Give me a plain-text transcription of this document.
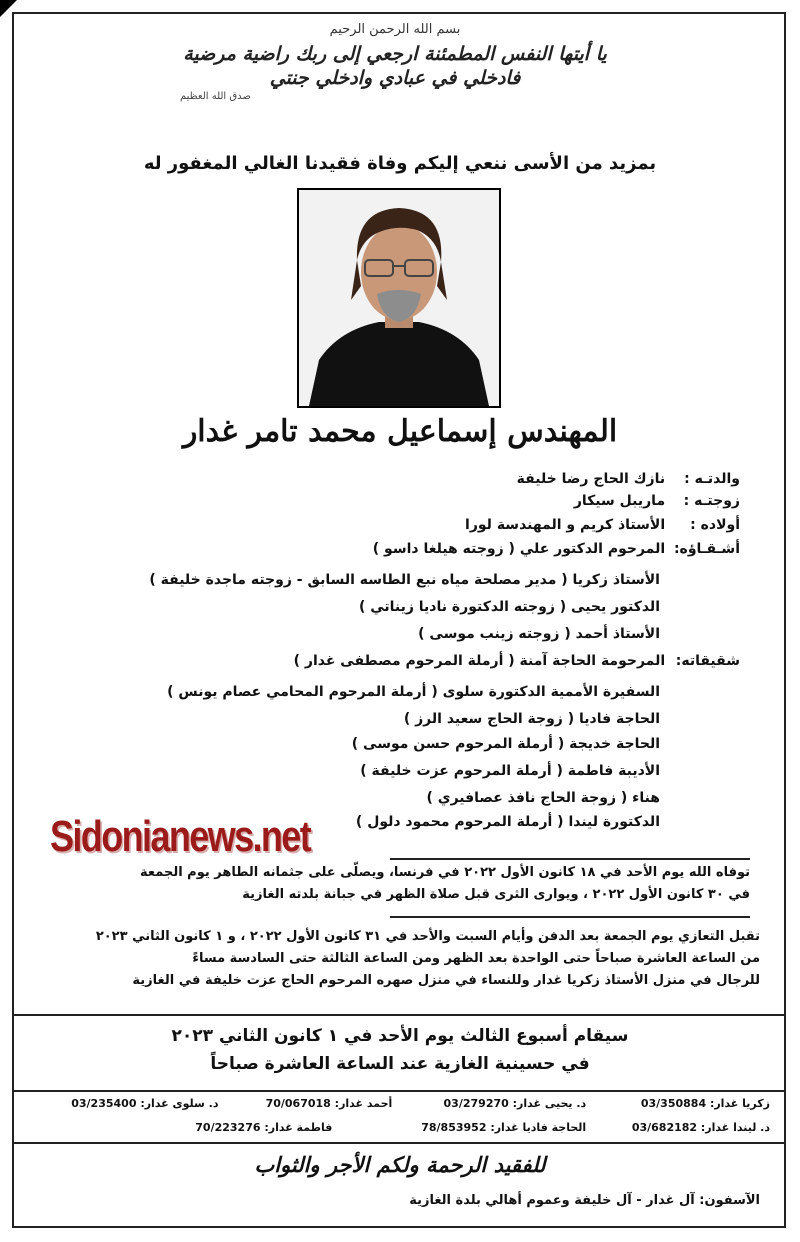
بسم الله الرحمن الرحيم
يا أيتها النفس المطمئنة ارجعي إلى ربك راضية مرضية
فادخلي في عبادي وادخلي جنتي
صدق الله العظيم
بمزيد من الأسى ننعي إليكم وفاة فقيدنا الغالي المغفور له
المهندس إسماعيل محمد تامر غدار
والدتـه : نازك الحاج رضا خليفة
زوجتـه : ماريبل سيكار
أولاده : الأستاذ كريم و المهندسة لورا
أشـقـاؤه: المرحوم الدكتور علي ( زوجته هيلغا داسو )
الأستاذ زكريا ( مدير مصلحة مياه نبع الطاسه السابق - زوجته ماجدة خليفة )
الدكتور يحيى ( زوجته الدكتورة ناديا زيناتي )
الأستاذ أحمد ( زوجته زينب موسى )
شقيقاته: المرحومة الحاجة آمنة ( أرملة المرحوم مصطفى غدار )
السفيرة الأممية الدكتورة سلوى ( أرملة المرحوم المحامي عصام يونس )
الحاجة فاديا ( زوجة الحاج سعيد الرز )
الحاجة خديجة ( أرملة المرحوم حسن موسى )
الأديبة فاطمة ( أرملة المرحوم عزت خليفة )
هناء ( زوجة الحاج نافذ عصافيري )
الدكتورة ليندا ( أرملة المرحوم محمود دلول )
Sidonianews.net
توفاه الله يوم الأحد في ١٨ كانون الأول ٢٠٢٢ في فرنسا، ويصلّى على جثمانه الطاهر يوم الجمعة
في ٣٠ كانون الأول ٢٠٢٢ ، ويوارى الثرى قبل صلاة الظهر في جبانة بلدته الغازية
تقبل التعازي يوم الجمعة بعد الدفن وأيام السبت والأحد في ٣١ كانون الأول ٢٠٢٢ ، و ١ كانون الثاني ٢٠٢٣
من الساعة العاشرة صباحاً حتى الواحدة بعد الظهر ومن الساعة الثالثة حتى السادسة مساءً
للرجال في منزل الأستاذ زكريا غدار وللنساء في منزل صهره المرحوم الحاج عزت خليفة في الغازية
سيقام أسبوع الثالث يوم الأحد في ١ كانون الثاني ٢٠٢٣
في حسينية الغازية عند الساعة العاشرة صباحاً
زكريا غدار: 03/350884 د. يحيى غدار: 03/279270 أحمد غدار: 70/067018 د. سلوى غدار: 03/235400
د. ليندا غدار: 03/682182 الحاجة فاديا غدار: 78/853952 فاطمة غدار: 70/223276
للفقيد الرحمة ولكم الأجر والثواب
الآسفون: آل غدار - آل خليفة وعموم أهالي بلدة الغازية
